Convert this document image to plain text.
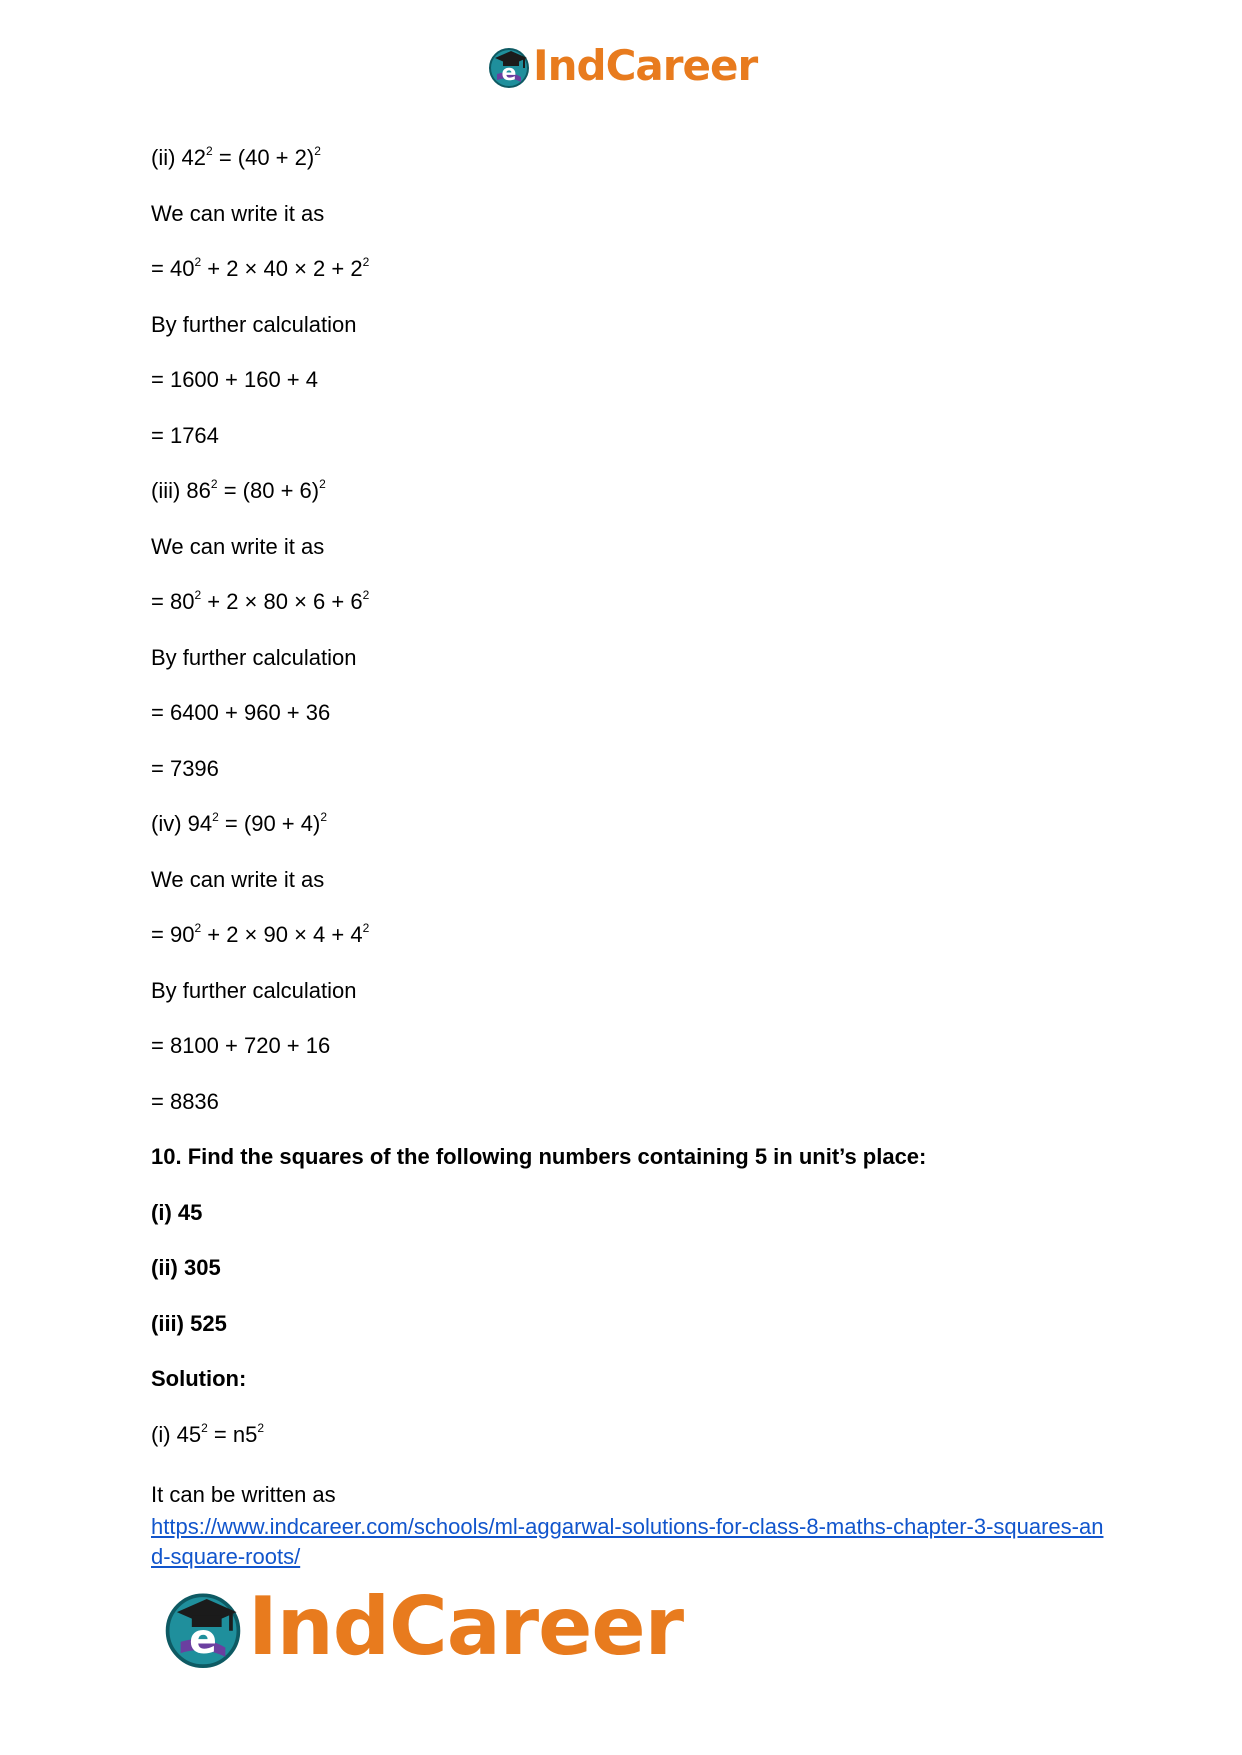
e IndCareer
(ii) $42^2 = (40 + 2)^2$
We can write it as
= $40^2 + 2 \times 40 \times 2 + 2^2$
By further calculation
= 1600 + 160 + 4
= 1764
(iii) $86^2 = (80 + 6)^2$
We can write it as
= $80^2 + 2 \times 80 \times 6 + 6^2$
By further calculation
= 6400 + 960 + 36
= 7396
(iv) $94^2 = (90 + 4)^2$
We can write it as
= $90^2 + 2 \times 90 \times 4 + 4^2$
By further calculation
= 8100 + 720 + 16
= 8836
10. Find the squares of the following numbers containing 5 in unit’s place:
(i) 45
(ii) 305
(iii) 525
Solution:
(i) $45^2 = n5^2$
It can be written as
https://www.indcareer.com/schools/ml-aggarwal-solutions-for-class-8-maths-chapter-3-squares-and-square-roots/
e IndCareer
